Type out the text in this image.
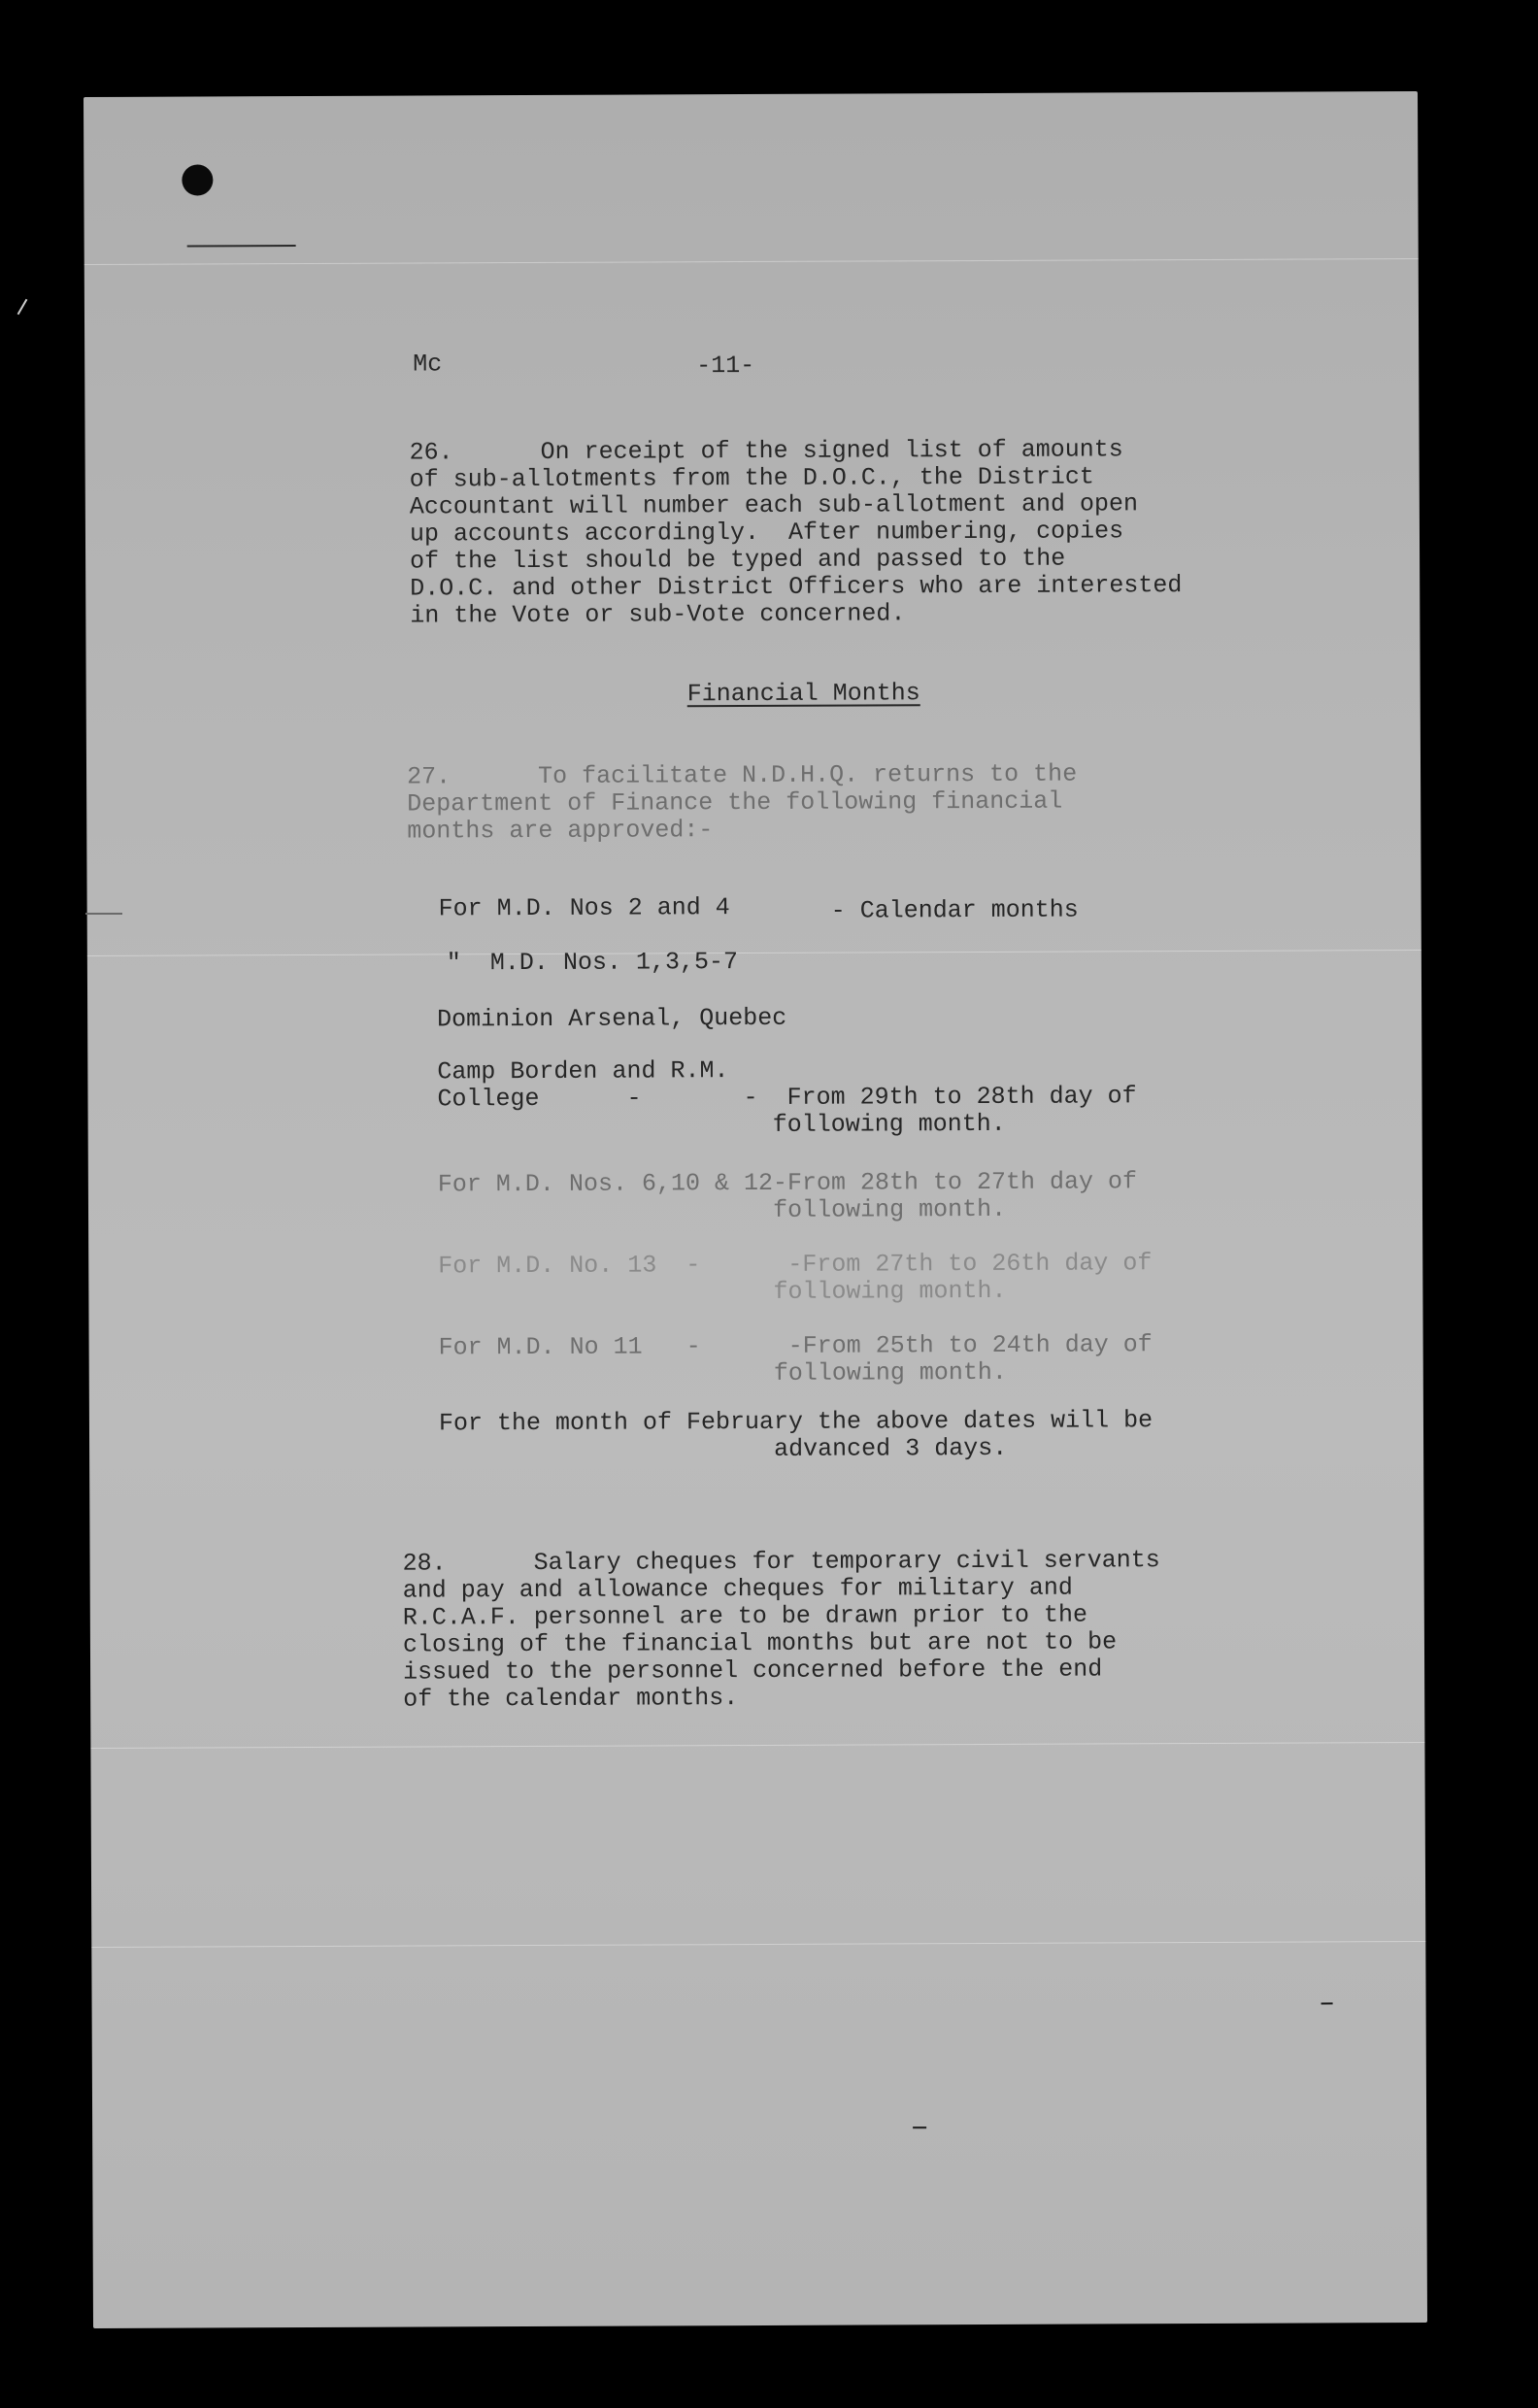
Mc	-11-

26.      On receipt of the signed list of amounts
of sub-allotments from the D.O.C., the District
Accountant will number each sub-allotment and open
up accounts accordingly.  After numbering, copies
of the list should be typed and passed to the
D.O.C. and other District Officers who are interested
in the Vote or sub-Vote concerned.

Financial Months

27.      To facilitate N.D.H.Q. returns to the
Department of Finance the following financial
months are approved:-

For M.D. Nos 2 and 4	- Calendar months

"  M.D. Nos. 1,3,5-7

Dominion Arsenal, Quebec

Camp Borden and R.M.
College      -       -  From 29th to 28th day of
following month.

For M.D. Nos. 6,10 & 12-From 28th to 27th day of
following month.

For M.D. No. 13  -      -From 27th to 26th day of
following month.

For M.D. No 11   -      -From 25th to 24th day of
following month.

For the month of February the above dates will be
advanced 3 days.

28.      Salary cheques for temporary civil servants
and pay and allowance cheques for military and
R.C.A.F. personnel are to be drawn prior to the
closing of the financial months but are not to be
issued to the personnel concerned before the end
of the calendar months.
